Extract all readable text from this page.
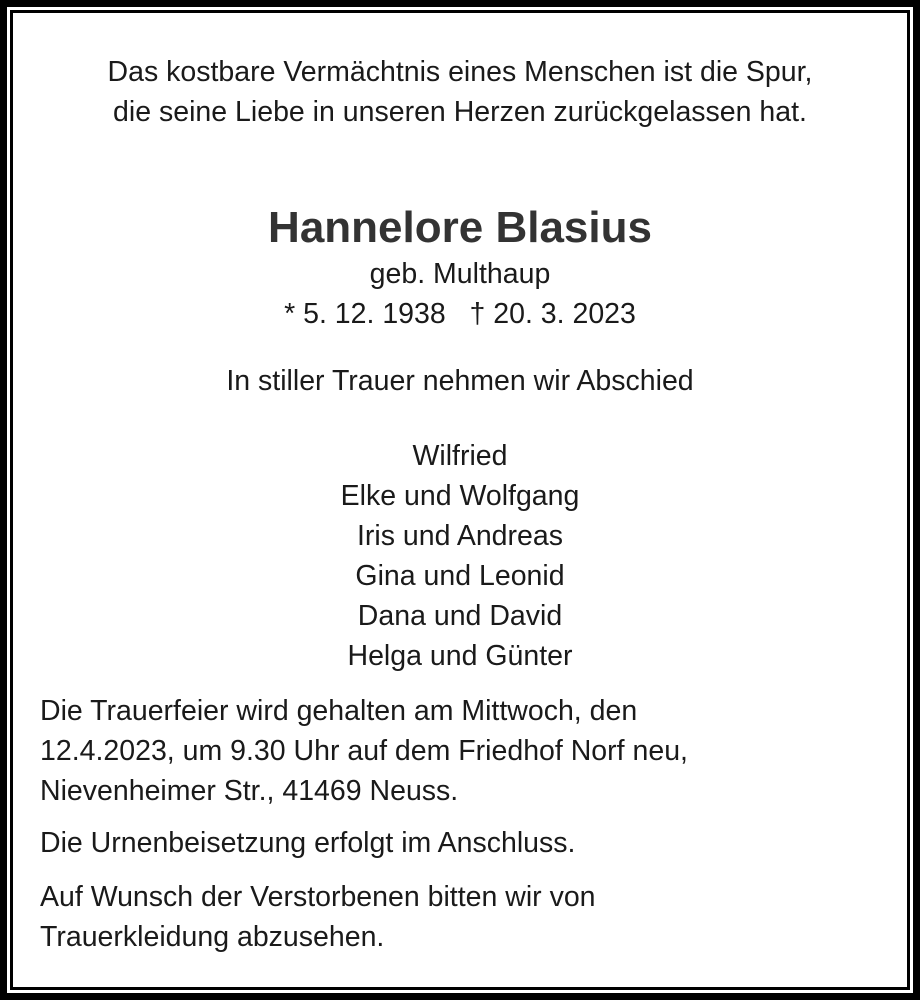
Das kostbare Vermächtnis eines Menschen ist die Spur,
die seine Liebe in unseren Herzen zurückgelassen hat.
Hannelore Blasius
geb. Multhaup
* 5. 12. 1938   † 20. 3. 2023
In stiller Trauer nehmen wir Abschied
Wilfried
Elke und Wolfgang
Iris und Andreas
Gina und Leonid
Dana und David
Helga und Günter
Die Trauerfeier wird gehalten am Mittwoch, den
12.4.2023, um 9.30 Uhr auf dem Friedhof Norf neu,
Nievenheimer Str., 41469 Neuss.
Die Urnenbeisetzung erfolgt im Anschluss.
Auf Wunsch der Verstorbenen bitten wir von
Trauerkleidung abzusehen.
